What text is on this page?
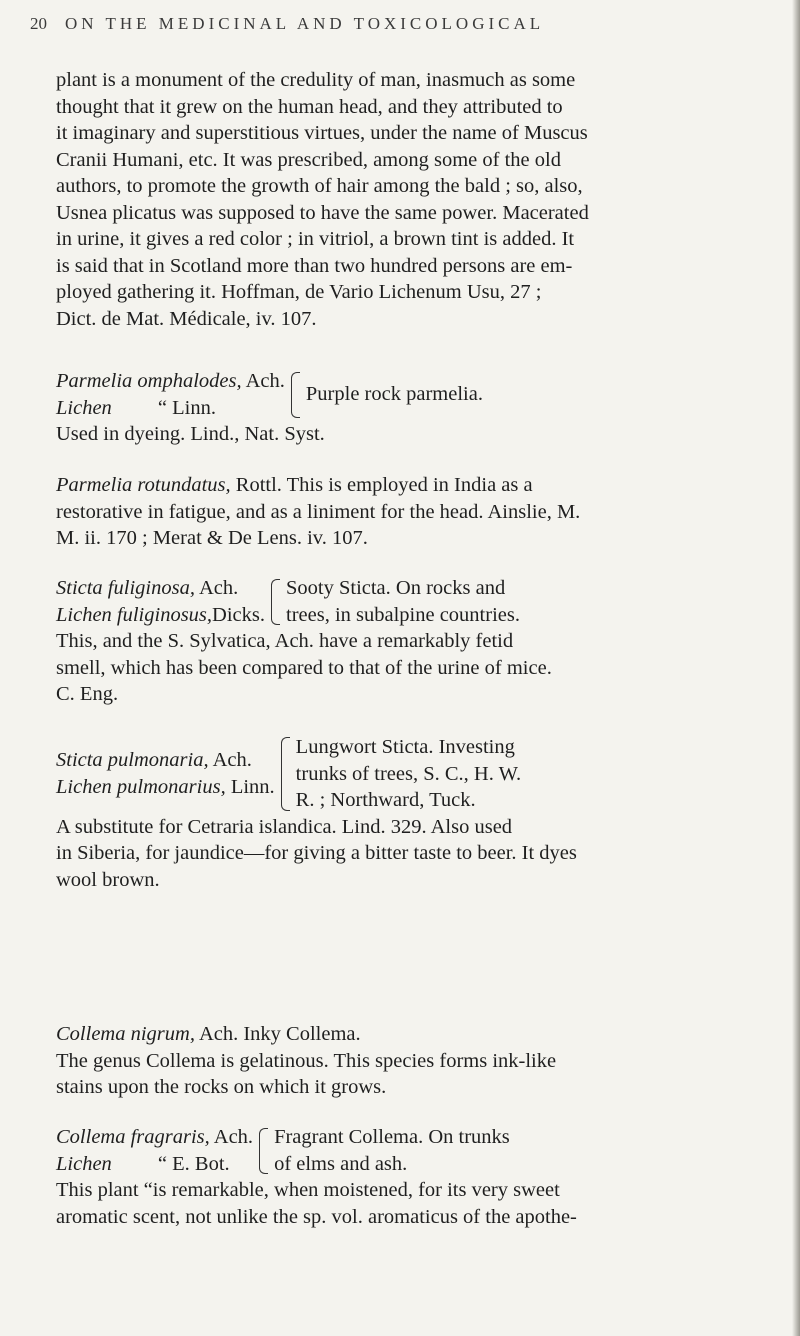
20 ON THE MEDICINAL AND TOXICOLOGICAL
plant is a monument of the credulity of man, inasmuch as some
thought that it grew on the human head, and they attributed to
it imaginary and superstitious virtues, under the name of Muscus
Cranii Humani, etc. It was prescribed, among some of the old
authors, to promote the growth of hair among the bald ; so, also,
Usnea plicatus was supposed to have the same power. Macerated
in urine, it gives a red color ; in vitriol, a brown tint is added. It
is said that in Scotland more than two hundred persons are em-
ployed gathering it. Hoffman, de Vario Lichenum Usu, 27 ;
Dict. de Mat. Médicale, iv. 107.
Parmelia omphalodes, Ach.
Lichen “ Linn.
Purple rock parmelia.
Used in dyeing. Lind., Nat. Syst.
Parmelia rotundatus, Rottl. This is employed in India as a
restorative in fatigue, and as a liniment for the head. Ainslie, M.
M. ii. 170 ; Merat & De Lens. iv. 107.
Sticta fuliginosa, Ach.
Lichen fuliginosus,Dicks.
Sooty Sticta. On rocks and
trees, in subalpine countries.
This, and the S. Sylvatica, Ach. have a remarkably fetid
smell, which has been compared to that of the urine of mice.
C. Eng.
Sticta pulmonaria, Ach.
Lichen pulmonarius, Linn.
Lungwort Sticta. Investing
trunks of trees, S. C., H. W.
R. ; Northward, Tuck.
A substitute for Cetraria islandica. Lind. 329. Also used
in Siberia, for jaundice—for giving a bitter taste to beer. It dyes
wool brown.
Collema nigrum, Ach. Inky Collema.
The genus Collema is gelatinous. This species forms ink-like
stains upon the rocks on which it grows.
Collema fragraris, Ach.
Lichen “ E. Bot.
Fragrant Collema. On trunks
of elms and ash.
This plant “is remarkable, when moistened, for its very sweet
aromatic scent, not unlike the sp. vol. aromaticus of the apothe-
